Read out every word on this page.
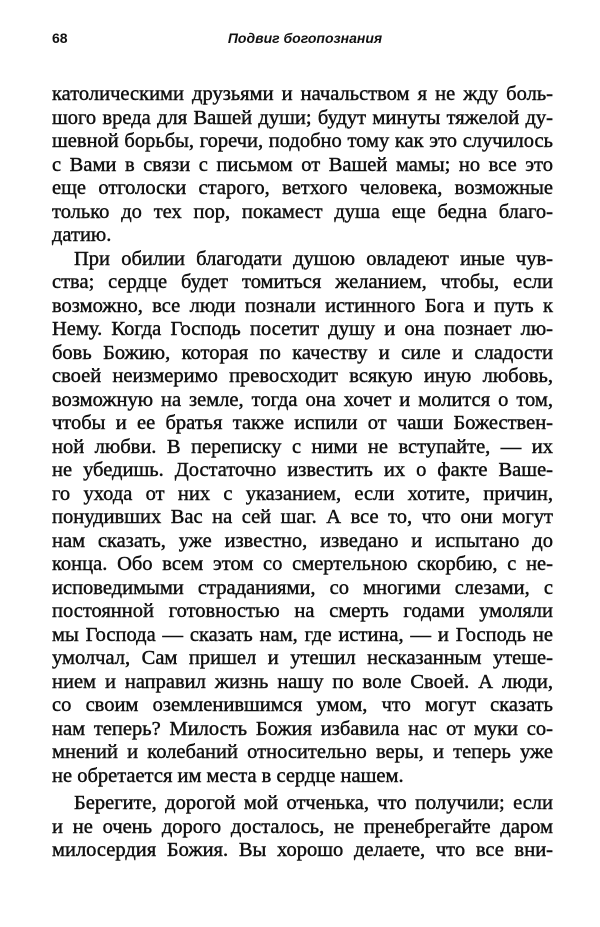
68	Подвиг богопознания
католическими друзьями и начальством я не жду боль-
шого вреда для Вашей души; будут минуты тяжелой ду-
шевной борьбы, горечи, подобно тому как это случилось
с Вами в связи с письмом от Вашей мамы; но все это
еще отголоски старого, ветхого человека, возможные
только до тех пор, покамест душа еще бедна благо-
датию.
При обилии благодати душою овладеют иные чув-
ства; сердце будет томиться желанием, чтобы, если
возможно, все люди познали истинного Бога и путь к
Нему. Когда Господь посетит душу и она познает лю-
бовь Божию, которая по качеству и силе и сладости
своей неизмеримо превосходит всякую иную любовь,
возможную на земле, тогда она хочет и молится о том,
чтобы и ее братья также испили от чаши Божествен-
ной любви. В переписку с ними не вступайте, — их
не убедишь. Достаточно известить их о факте Ваше-
го ухода от них с указанием, если хотите, причин,
понудивших Вас на сей шаг. А все то, что они могут
нам сказать, уже известно, изведано и испытано до
конца. Обо всем этом со смертельною скорбию, с не-
исповедимыми страданиями, со многими слезами, с
постоянной готовностью на смерть годами умоляли
мы Господа — сказать нам, где истина, — и Господь не
умолчал, Сам пришел и утешил несказанным утеше-
нием и направил жизнь нашу по воле Своей. А люди,
со своим оземленившимся умом, что могут сказать
нам теперь? Милость Божия избавила нас от муки со-
мнений и колебаний относительно веры, и теперь уже
не обретается им места в сердце нашем.
Берегите, дорогой мой отченька, что получили; если
и не очень дорого досталось, не пренебрегайте даром
милосердия Божия. Вы хорошо делаете, что все вни-
